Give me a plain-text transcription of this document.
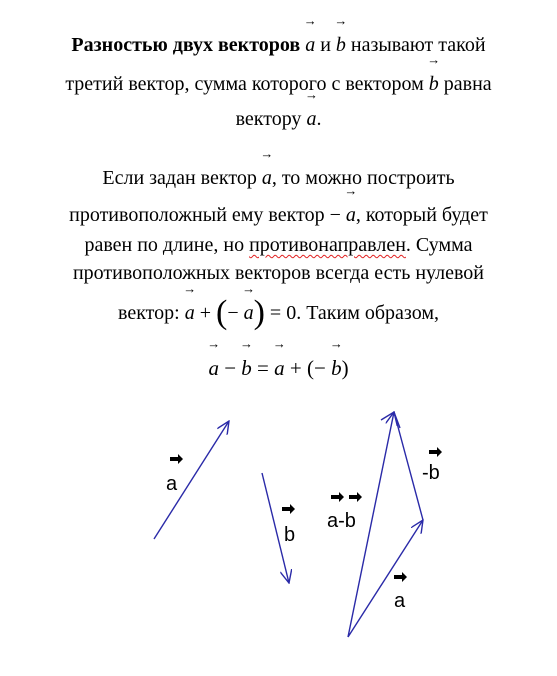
Разностью двух векторов → a и → b называют такой
третий вектор, сумма которого с вектором → b равна
вектору → a.
Если задан вектор → a, то можно построить
противоположный ему вектор − → a, который будет
равен по длине, но противонаправлен. Сумма
противоположных векторов всегда есть нулевой
вектор: → a + (− → a) = 0. Таким образом,
→ a − → b = → a + (− → b)
a
b
a-b
-b
a
